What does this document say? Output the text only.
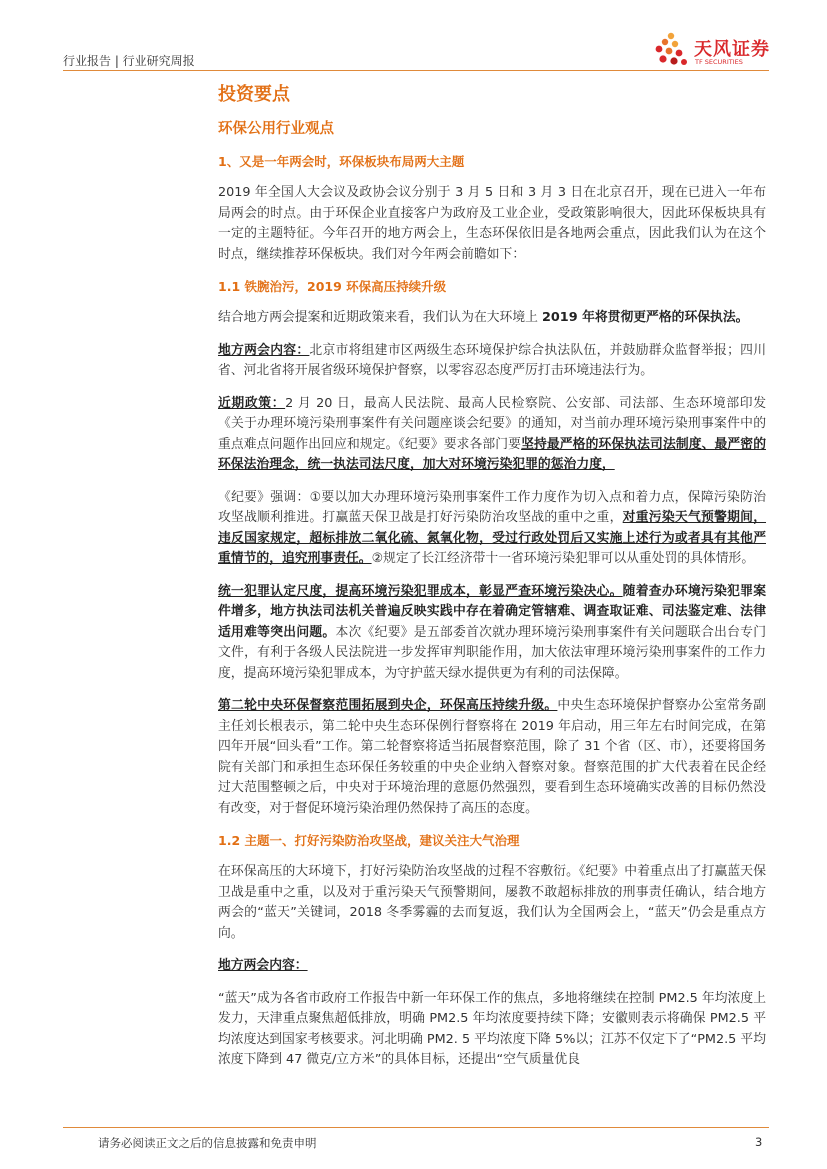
行业报告 | 行业研究周报
天风证券
TF SECURITIES
投资要点
环保公用行业观点
1、又是一年两会时，环保板块布局两大主题

2019 年全国人大会议及政协会议分别于 3 月 5 日和 3 月 3 日在北京召开，现在已进入一年布局两会的时点。由于环保企业直接客户为政府及工业企业，受政策影响很大，因此环保板块具有一定的主题特征。今年召开的地方两会上，生态环保依旧是各地两会重点，因此我们认为在这个时点，继续推荐环保板块。我们对今年两会前瞻如下：

1.1 铁腕治污，2019 环保高压持续升级

结合地方两会提案和近期政策来看，我们认为在大环境上 2019 年将贯彻更严格的环保执法。

地方两会内容：北京市将组建市区两级生态环境保护综合执法队伍，并鼓励群众监督举报；四川省、河北省将开展省级环境保护督察，以零容忍态度严厉打击环境违法行为。

近期政策：2 月 20 日，最高人民法院、最高人民检察院、公安部、司法部、生态环境部印发《关于办理环境污染刑事案件有关问题座谈会纪要》的通知，对当前办理环境污染刑事案件中的重点难点问题作出回应和规定。《纪要》要求各部门要坚持最严格的环保执法司法制度、最严密的环保法治理念，统一执法司法尺度，加大对环境污染犯罪的惩治力度，

《纪要》强调：①要以加大办理环境污染刑事案件工作力度作为切入点和着力点，保障污染防治攻坚战顺利推进。打赢蓝天保卫战是打好污染防治攻坚战的重中之重，对重污染天气预警期间，违反国家规定，超标排放二氧化硫、氮氧化物，受过行政处罚后又实施上述行为或者具有其他严重情节的，追究刑事责任。②规定了长江经济带十一省环境污染犯罪可以从重处罚的具体情形。

统一犯罪认定尺度，提高环境污染犯罪成本，彰显严查环境污染决心。随着查办环境污染犯罪案件增多，地方执法司法机关普遍反映实践中存在着确定管辖难、调查取证难、司法鉴定难、法律适用难等突出问题。本次《纪要》是五部委首次就办理环境污染刑事案件有关问题联合出台专门文件，有利于各级人民法院进一步发挥审判职能作用，加大依法审理环境污染刑事案件的工作力度，提高环境污染犯罪成本，为守护蓝天绿水提供更为有利的司法保障。

第二轮中央环保督察范围拓展到央企，环保高压持续升级。中央生态环境保护督察办公室常务副主任刘长根表示，第二轮中央生态环保例行督察将在 2019 年启动，用三年左右时间完成，在第四年开展“回头看”工作。第二轮督察将适当拓展督察范围，除了 31 个省（区、市），还要将国务院有关部门和承担生态环保任务较重的中央企业纳入督察对象。督察范围的扩大代表着在民企经过大范围整顿之后，中央对于环境治理的意愿仍然强烈，要看到生态环境确实改善的目标仍然没有改变，对于督促环境污染治理仍然保持了高压的态度。

1.2 主题一、打好污染防治攻坚战，建议关注大气治理

在环保高压的大环境下，打好污染防治攻坚战的过程不容敷衍。《纪要》中着重点出了打赢蓝天保卫战是重中之重，以及对于重污染天气预警期间，屡教不敢超标排放的刑事责任确认，结合地方两会的“蓝天”关键词，2018 冬季雾霾的去而复返，我们认为全国两会上，“蓝天”仍会是重点方向。

地方两会内容：

“蓝天”成为各省市政府工作报告中新一年环保工作的焦点，多地将继续在控制 PM2.5 年均浓度上发力，天津重点聚焦超低排放，明确 PM2.5 年均浓度要持续下降；安徽则表示将确保 PM2.5 平均浓度达到国家考核要求。河北明确 PM2. 5 平均浓度下降 5%以；江苏不仅定下了“PM2.5 平均浓度下降到 47 微克/立方米”的具体目标，还提出“空气质量优良

请务必阅读正文之后的信息披露和免责申明	3
